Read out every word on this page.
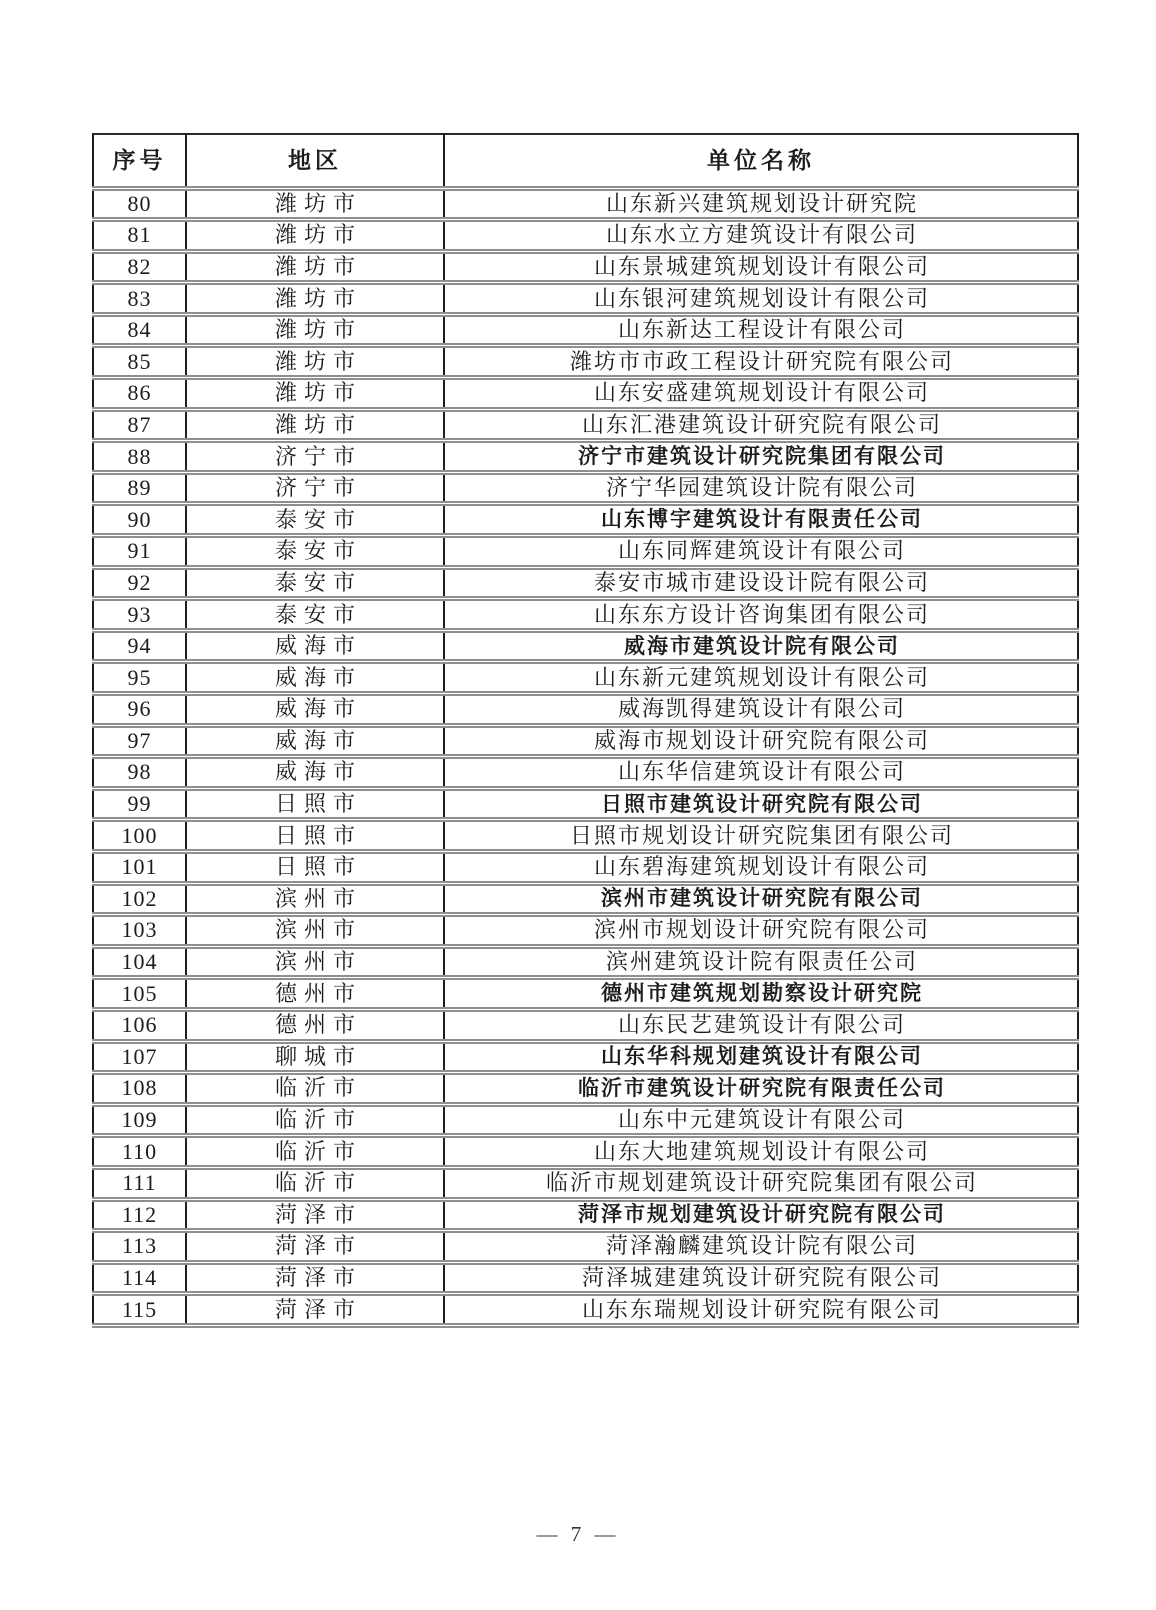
序号	地区	单位名称
80	潍坊市	山东新兴建筑规划设计研究院
81	潍坊市	山东水立方建筑设计有限公司
82	潍坊市	山东景城建筑规划设计有限公司
83	潍坊市	山东银河建筑规划设计有限公司
84	潍坊市	山东新达工程设计有限公司
85	潍坊市	潍坊市市政工程设计研究院有限公司
86	潍坊市	山东安盛建筑规划设计有限公司
87	潍坊市	山东汇港建筑设计研究院有限公司
88	济宁市	济宁市建筑设计研究院集团有限公司
89	济宁市	济宁华园建筑设计院有限公司
90	泰安市	山东博宇建筑设计有限责任公司
91	泰安市	山东同辉建筑设计有限公司
92	泰安市	泰安市城市建设设计院有限公司
93	泰安市	山东东方设计咨询集团有限公司
94	威海市	威海市建筑设计院有限公司
95	威海市	山东新元建筑规划设计有限公司
96	威海市	威海凯得建筑设计有限公司
97	威海市	威海市规划设计研究院有限公司
98	威海市	山东华信建筑设计有限公司
99	日照市	日照市建筑设计研究院有限公司
100	日照市	日照市规划设计研究院集团有限公司
101	日照市	山东碧海建筑规划设计有限公司
102	滨州市	滨州市建筑设计研究院有限公司
103	滨州市	滨州市规划设计研究院有限公司
104	滨州市	滨州建筑设计院有限责任公司
105	德州市	德州市建筑规划勘察设计研究院
106	德州市	山东民艺建筑设计有限公司
107	聊城市	山东华科规划建筑设计有限公司
108	临沂市	临沂市建筑设计研究院有限责任公司
109	临沂市	山东中元建筑设计有限公司
110	临沂市	山东大地建筑规划设计有限公司
111	临沂市	临沂市规划建筑设计研究院集团有限公司
112	菏泽市	菏泽市规划建筑设计研究院有限公司
113	菏泽市	菏泽瀚麟建筑设计院有限公司
114	菏泽市	菏泽城建建筑设计研究院有限公司
115	菏泽市	山东东瑞规划设计研究院有限公司
— 7 —
